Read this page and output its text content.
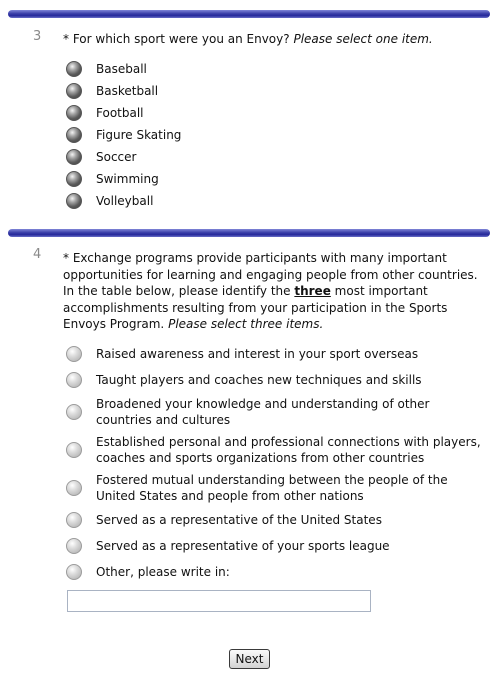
3 * For which sport were you an Envoy? Please select one item.
Baseball
Basketball
Football
Figure Skating
Soccer
Swimming
Volleyball
4 * Exchange programs provide participants with many important opportunities for learning and engaging people from other countries. In the table below, please identify the three most important accomplishments resulting from your participation in the Sports Envoys Program. Please select three items.
Raised awareness and interest in your sport overseas
Taught players and coaches new techniques and skills
Broadened your knowledge and understanding of other countries and cultures
Established personal and professional connections with players, coaches and sports organizations from other countries
Fostered mutual understanding between the people of the United States and people from other nations
Served as a representative of the United States
Served as a representative of your sports league
Other, please write in:
Next
